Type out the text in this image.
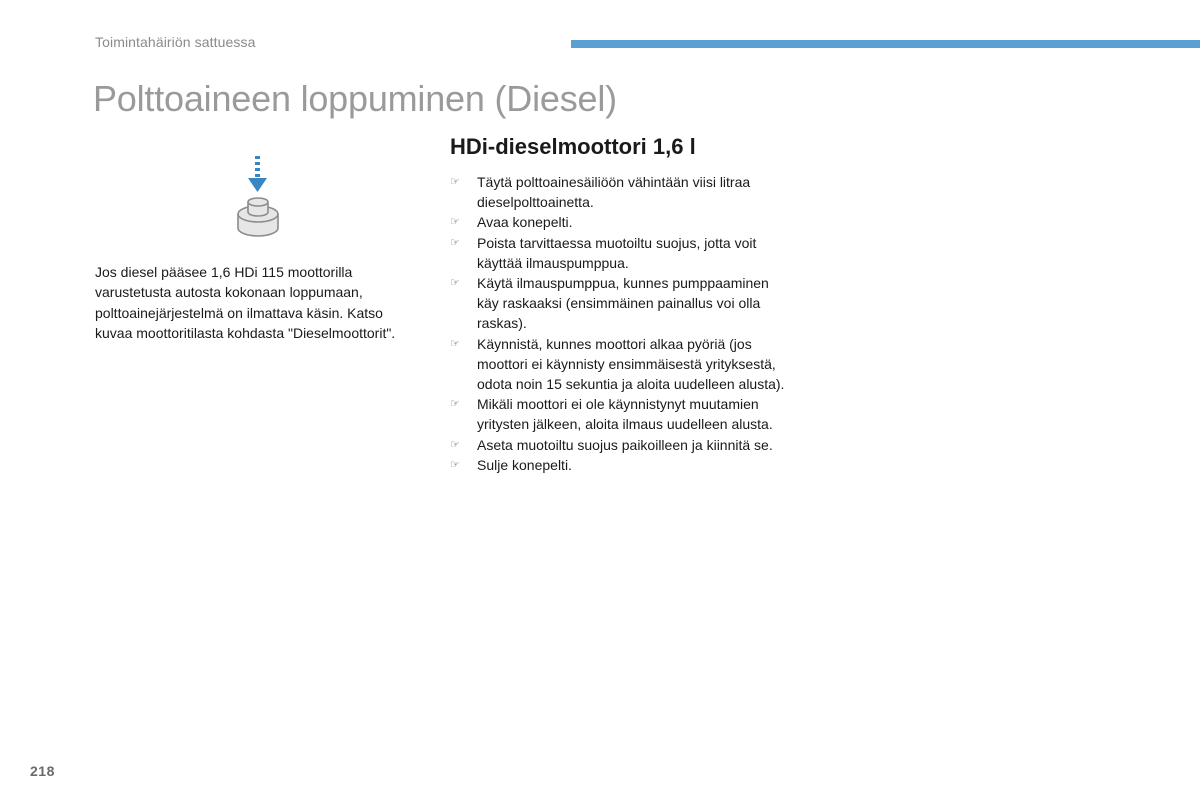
Toimintahäiriön sattuessa
Polttoaineen loppuminen (Diesel)

Jos diesel pääsee 1,6 HDi 115 moottorilla varustetusta autosta kokonaan loppumaan, polttoainejärjestelmä on ilmattava käsin. Katso kuvaa moottoritilasta kohdasta "Dieselmoottorit".

HDi-dieselmoottori 1,6 l
☞ Täytä polttoainesäiliöön vähintään viisi litraa dieselpolttoainetta.
☞ Avaa konepelti.
☞ Poista tarvittaessa muotoiltu suojus, jotta voit käyttää ilmauspumppua.
☞ Käytä ilmauspumppua, kunnes pumppaaminen käy raskaaksi (ensimmäinen painallus voi olla raskas).
☞ Käynnistä, kunnes moottori alkaa pyöriä (jos moottori ei käynnisty ensimmäisestä yrityksestä, odota noin 15 sekuntia ja aloita uudelleen alusta).
☞ Mikäli moottori ei ole käynnistynyt muutamien yritysten jälkeen, aloita ilmaus uudelleen alusta.
☞ Aseta muotoiltu suojus paikoilleen ja kiinnitä se.
☞ Sulje konepelti.
218
